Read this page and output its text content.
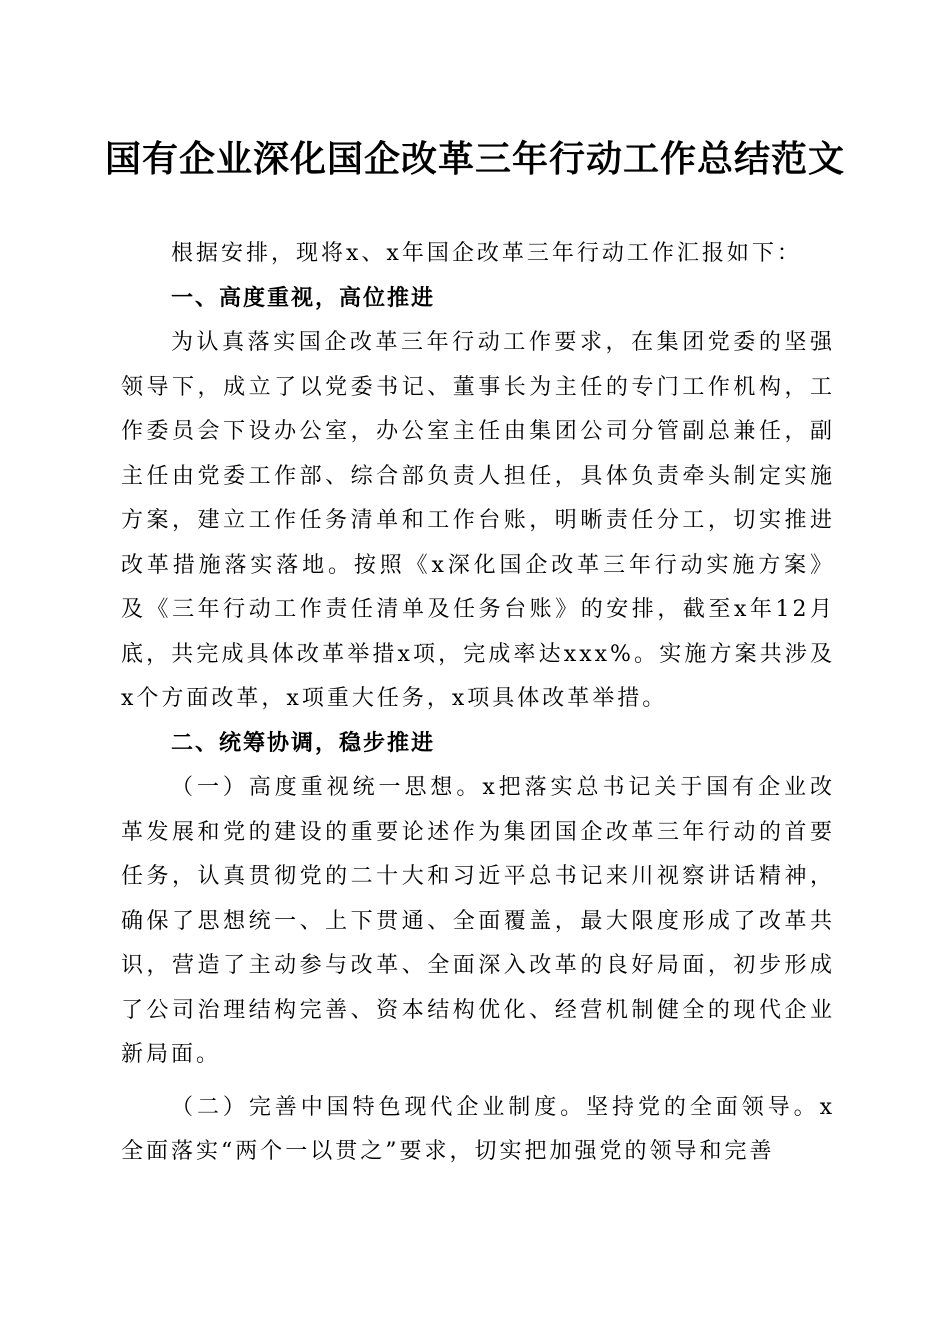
国有企业深化国企改革三年行动工作总结范文

根据安排，现将x、x年国企改革三年行动工作汇报如下：

一、高度重视，高位推进

为认真落实国企改革三年行动工作要求，在集团党委的坚强领导下，成立了以党委书记、董事长为主任的专门工作机构，工作委员会下设办公室，办公室主任由集团公司分管副总兼任，副主任由党委工作部、综合部负责人担任，具体负责牵头制定实施方案，建立工作任务清单和工作台账，明晰责任分工，切实推进改革措施落实落地。按照《x深化国企改革三年行动实施方案》及《三年行动工作责任清单及任务台账》的安排，截至x年12月底，共完成具体改革举措x项，完成率达xxx%。实施方案共涉及x个方面改革，x项重大任务，x项具体改革举措。

二、统筹协调，稳步推进

（一）高度重视统一思想。x把落实总书记关于国有企业改革发展和党的建设的重要论述作为集团国企改革三年行动的首要任务，认真贯彻党的二十大和习近平总书记来川视察讲话精神，确保了思想统一、上下贯通、全面覆盖，最大限度形成了改革共识，营造了主动参与改革、全面深入改革的良好局面，初步形成了公司治理结构完善、资本结构优化、经营机制健全的现代企业新局面。

（二）完善中国特色现代企业制度。坚持党的全面领导。x全面落实“两个一以贯之”要求，切实把加强党的领导和完善
